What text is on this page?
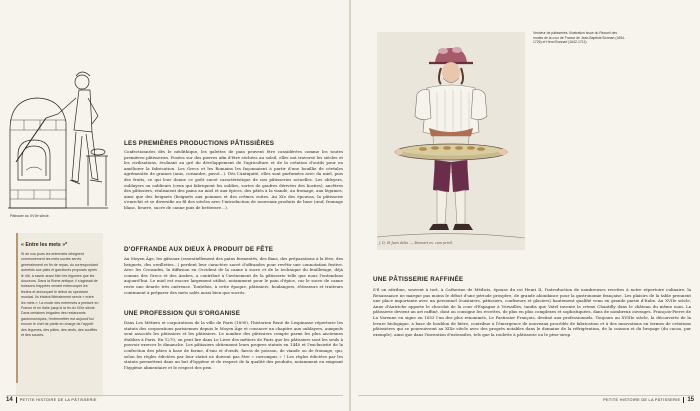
Pâtissier au XVIIe siècle.
« Entre les mets »*
Si de nos jours les entremets désignent communément les mets sucrés servis généralement en fin de repas, du correspondant autrefois aux plats et garnitures proposés après le rôti, à savoir aussi bien les légumes que les douceurs. Dans la Rome antique, il s'agissait de boissons frappées venant entrecouper les festins et annonçant le début du spectacle musical. Ils étaient littéralement servis « entre les mets ». La mode des entremets a perduré en France et en Italie jusqu'à la fin du XIXe siècle. Dans certaines brigades des restaurants gastronomiques, l'entremettier est aujourd'hui encore le chef de partie en charge de l'apprêt des légumes, des pâtes, des œufs, des soufflés et des sauces.
LES PREMIÈRES PRODUCTIONS PÂTISSIÈRES
Confectionnées dès le néolithique, les galettes de pain peuvent être considérées comme les toutes premières pâtisseries. Posées sur des pierres afin d'être séchées au soleil, elles ont traversé les siècles et les civilisations, évoluant au gré du développement de l'agriculture et de la création d'outils pour en améliorer la fabrication. Les Grecs et les Romains les façonnaient à partir d'une bouillie de céréales agrémentée de graines (anis, coriandre, pavot…). Dès l'Antiquité, elles sont parfumées avec du miel, puis des fruits, ce qui leur donne ce goût sucré caractéristique de nos pâtisseries actuelles. Les obleyers, oublayers ou oublieurs (ceux qui fabriquent les oublies, sortes de gaufres dérivées des hosties), ancêtres des pâtissiers, réalisaient des pains au miel et aux épices, des pâtés à la viande, au fromage, aux légumes, ainsi que des beignets (beignets aux pommes et des crêmes cuites. Au XIe des épouvas, la pâtisserie s'enrichit et se diversifie au fil des siècles avec l'introduction de nouveaux produits de base (œuf, fromage blanc, beurre, sucre de canne puis de betterave…).
D'OFFRANDE AUX DIEUX À PRODUIT DE FÊTE
Au Moyen Âge, les gâteaux (essentiellement des pains fermentés, des flans, des préparations à la fève, des beignets, des oreillettes…) perdent leur caractère sacré d'offrandes pour revêtir une connotation festive. Avec les Croisades, la diffusion en Occident de la canne à sucre et de la technique du feuilletage, déjà connue des Grecs et des Arabes, a contribué à l'avènement de la pâtisserie telle que nous l'entendons aujourd'hui. Le miel est encore largement utilisé, notamment pour le pain d'épice, car le sucre de canne reste une denrée très onéreuse. Toutefois, à cette époque, pâtissiers, boulangers, rôtisseurs et traiteurs continuent à préparer des mets salés aussi bien que sucrés.
UNE PROFESSION QUI S'ORGANISE
Dans Les Métiers et corporations de la ville de Paris (1890), l'historien René de Lespinasse répertorie les statuts des corporations parisiennes depuis le Moyen Âge et consacre un chapitre aux oublayers, auxquels sont associés les pâtissiers et les pâtissiers. Le nombre des pâtissiers compte parmi les plus anciennes établies à Paris. En 1270, on peut lire dans Le Livre des métiers de Paris que les pâtissiers sont les seuls à pouvoir exercer le dimanche. Les pâtissiers obtiennent leurs propres statuts en 1440 et l'exclusivité de la confection des pâtes à base de farine, d'eau et d'œufs, farcis de poisson, de viande ou de fromage, qui, selon les règles édictées par leur statut ne doivent pas être « corrompus » ! Les règles édictées par les statuts permettent dans un but d'hygiène et de respect de la qualité des produits, notamment en exigeant l'hygiène alimentaire et le respect des prix.
14 PETITE HISTOIRE DE LA PÂTISSERIE
Vendeur de pâtisseries. Illustration issue du Recueil des modes de la cour de France de Jean-Baptiste Bonnart (1654-1726) et Henri Bonnart (1642-1711).
J. D. St Jean delin. — Bonnart ex. cum privil.
UNE PÂTISSERIE RAFFINÉE
S'il on attribue, souvent à tort, à Catherine de Médicis, épouse du roi Henri II, l'introduction de nombreuses recettes à notre répertoire culinaire, la Renaissance ne marque pas moins le début d'une période prospère, de grande abondance pour la gastronomie française. Les plaisirs de la table prennent une place importante avec un personnel (cuisiniers, pâtissiers, confiseurs et glaciers) hautement qualifié venu en grande partie d'Italie. Au XVIIe siècle, Anne d'Autriche apporte le chocolat de la cour d'Espagne à Versailles, tandis que Vatel invente la crème Chantilly dans le château du même nom. La pâtisserie devient un art raffiné, dont on consigne les recettes, de plus en plus complexes et sophistiquées, dans de nombreux ouvrages. François-Pierre de La Varenne en signe en 1653 l'un des plus renommés, Le Pastissier François, destiné aux professionnels. Toujours au XVIIIe siècle, la découverte de la levure biologique, à base de houblon de bière, contribue à l'émergence de nouveaux procédés de fabrication et à des innovations en termes de créations pâtissières qui se poursuivront au XIXe siècle avec des progrès notables dans le domaine de la réfrigération, de la cuisson et du broyage (du cacao, par exemple), ainsi que dans l'invention d'ustensiles, tels que la roulette à pâtisserie ou le pèse-sirop.
PETITE HISTOIRE DE LA PÂTISSERIE 15
